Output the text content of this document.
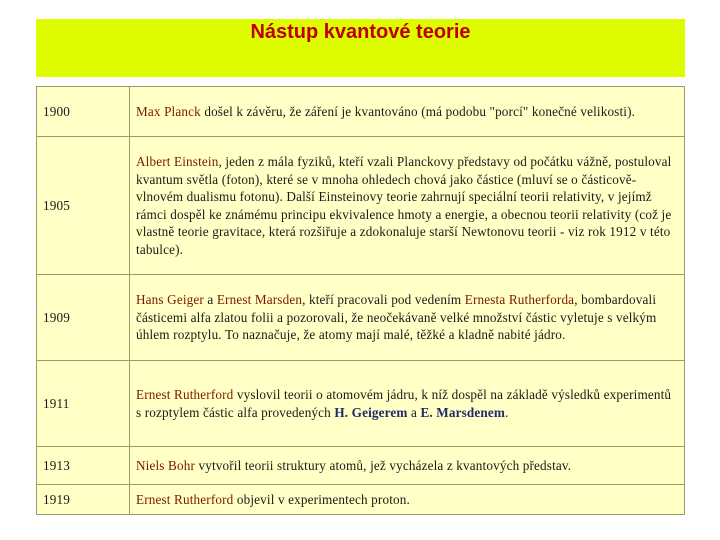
Nástup kvantové teorie
1900	Max Planck došel k závěru, že záření je kvantováno (má podobu "porcí" konečné velikosti).
1905	Albert Einstein, jeden z mála fyziků, kteří vzali Planckovy představy od počátku vážně, postuloval kvantum světla (foton), které se v mnoha ohledech chová jako částice (mluví se o částicově-vlnovém dualismu fotonu). Další Einsteinovy teorie zahrnují speciální teorii relativity, v jejímž rámci dospěl ke známému principu ekvivalence hmoty a energie, a obecnou teorii relativity (což je vlastně teorie gravitace, která rozšiřuje a zdokonaluje starší Newtonovu teorii - viz rok 1912 v této tabulce).
1909	Hans Geiger a Ernest Marsden, kteří pracovali pod vedením Ernesta Rutherforda, bombardovali částicemi alfa zlatou folii a pozorovali, že neočekávaně velké množství částic vyletuje s velkým úhlem rozptylu. To naznačuje, že atomy mají malé, těžké a kladně nabité jádro.
1911	Ernest Rutherford vyslovil teorii o atomovém jádru, k níž dospěl na základě výsledků experimentů s rozptylem částic alfa provedených H. Geigerem a E. Marsdenem.
1913	Niels Bohr vytvořil teorii struktury atomů, jež vycházela z kvantových představ.
1919	Ernest Rutherford objevil v experimentech proton.
